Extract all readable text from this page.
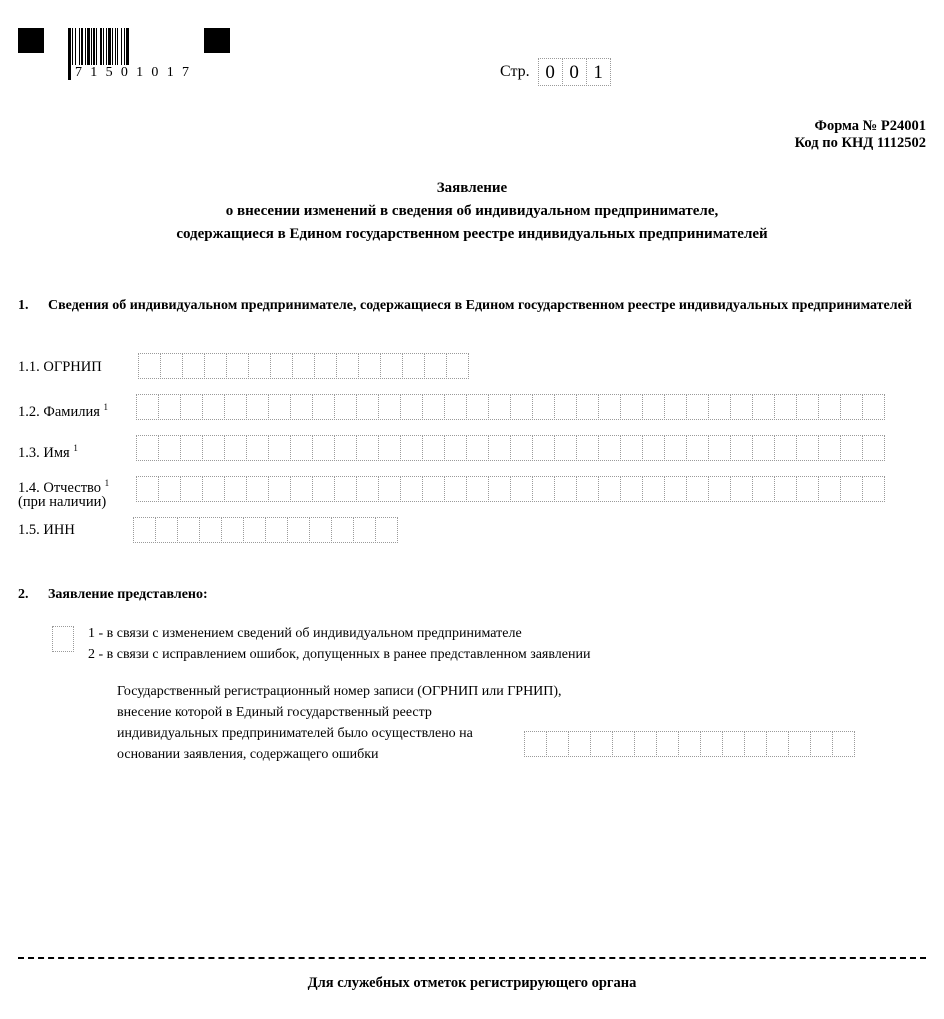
7 1 5 0 1 0 1 7	Стр. 0 0 1
Форма № Р24001
Код по КНД 1112502
Заявление
о внесении изменений в сведения об индивидуальном предпринимателе,
содержащиеся в Едином государственном реестре индивидуальных предпринимателей
1. Сведения об индивидуальном предпринимателе, содержащиеся в Едином государственном реестре индивидуальных предпринимателей
1.1. ОГРНИП
1.2. Фамилия $^1$
1.3. Имя $^1$
1.4. Отчество $^1$
1.5. ИНН
(при наличии)
2. Заявление представлено:
1 - в связи с изменением сведений об индивидуальном предпринимателе
2 - в связи с исправлением ошибок, допущенных в ранее представленном заявлении
Государственный регистрационный номер записи (ОГРНИП или ГРНИП),
внесение которой в Единый государственный реестр
индивидуальных предпринимателей было осуществлено на
основании заявления, содержащего ошибки
Для служебных отметок регистрирующего органа
